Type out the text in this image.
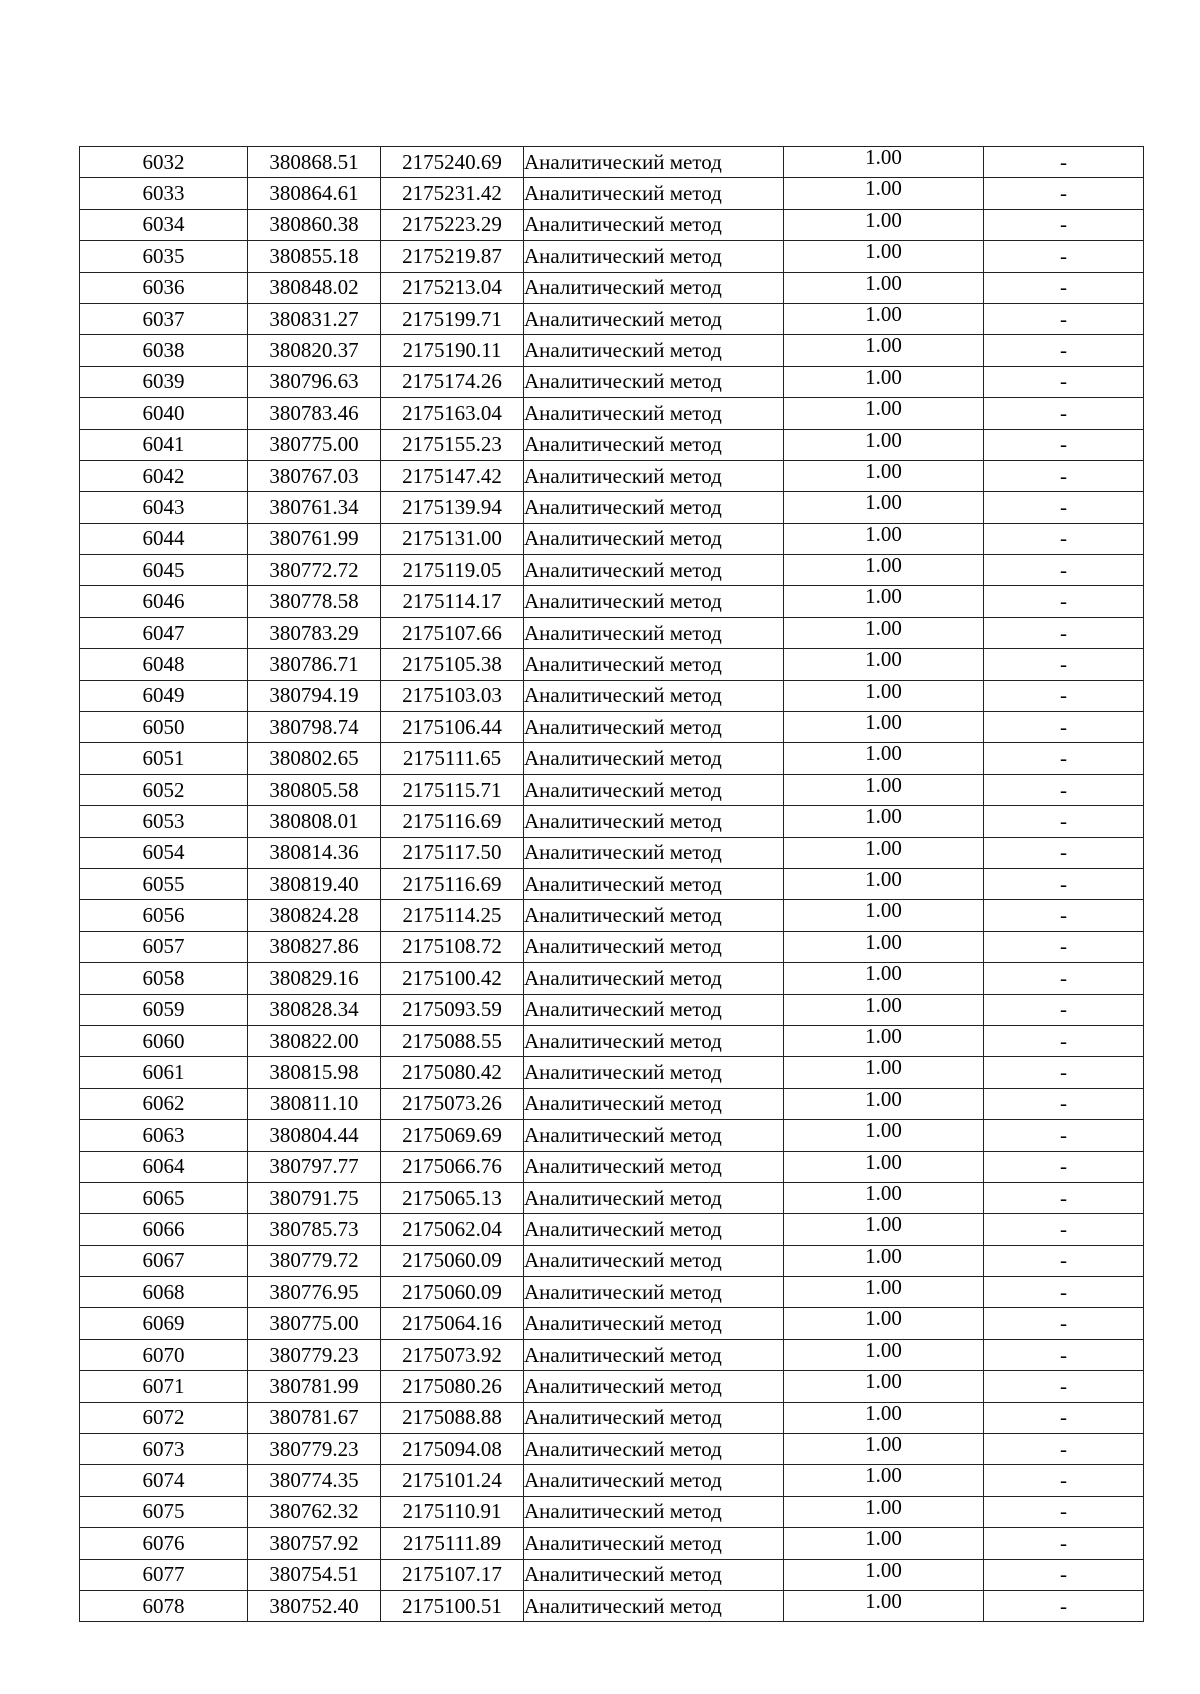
6032	380868.51	2175240.69	Аналитический метод	1.00	-
6033	380864.61	2175231.42	Аналитический метод	1.00	-
6034	380860.38	2175223.29	Аналитический метод	1.00	-
6035	380855.18	2175219.87	Аналитический метод	1.00	-
6036	380848.02	2175213.04	Аналитический метод	1.00	-
6037	380831.27	2175199.71	Аналитический метод	1.00	-
6038	380820.37	2175190.11	Аналитический метод	1.00	-
6039	380796.63	2175174.26	Аналитический метод	1.00	-
6040	380783.46	2175163.04	Аналитический метод	1.00	-
6041	380775.00	2175155.23	Аналитический метод	1.00	-
6042	380767.03	2175147.42	Аналитический метод	1.00	-
6043	380761.34	2175139.94	Аналитический метод	1.00	-
6044	380761.99	2175131.00	Аналитический метод	1.00	-
6045	380772.72	2175119.05	Аналитический метод	1.00	-
6046	380778.58	2175114.17	Аналитический метод	1.00	-
6047	380783.29	2175107.66	Аналитический метод	1.00	-
6048	380786.71	2175105.38	Аналитический метод	1.00	-
6049	380794.19	2175103.03	Аналитический метод	1.00	-
6050	380798.74	2175106.44	Аналитический метод	1.00	-
6051	380802.65	2175111.65	Аналитический метод	1.00	-
6052	380805.58	2175115.71	Аналитический метод	1.00	-
6053	380808.01	2175116.69	Аналитический метод	1.00	-
6054	380814.36	2175117.50	Аналитический метод	1.00	-
6055	380819.40	2175116.69	Аналитический метод	1.00	-
6056	380824.28	2175114.25	Аналитический метод	1.00	-
6057	380827.86	2175108.72	Аналитический метод	1.00	-
6058	380829.16	2175100.42	Аналитический метод	1.00	-
6059	380828.34	2175093.59	Аналитический метод	1.00	-
6060	380822.00	2175088.55	Аналитический метод	1.00	-
6061	380815.98	2175080.42	Аналитический метод	1.00	-
6062	380811.10	2175073.26	Аналитический метод	1.00	-
6063	380804.44	2175069.69	Аналитический метод	1.00	-
6064	380797.77	2175066.76	Аналитический метод	1.00	-
6065	380791.75	2175065.13	Аналитический метод	1.00	-
6066	380785.73	2175062.04	Аналитический метод	1.00	-
6067	380779.72	2175060.09	Аналитический метод	1.00	-
6068	380776.95	2175060.09	Аналитический метод	1.00	-
6069	380775.00	2175064.16	Аналитический метод	1.00	-
6070	380779.23	2175073.92	Аналитический метод	1.00	-
6071	380781.99	2175080.26	Аналитический метод	1.00	-
6072	380781.67	2175088.88	Аналитический метод	1.00	-
6073	380779.23	2175094.08	Аналитический метод	1.00	-
6074	380774.35	2175101.24	Аналитический метод	1.00	-
6075	380762.32	2175110.91	Аналитический метод	1.00	-
6076	380757.92	2175111.89	Аналитический метод	1.00	-
6077	380754.51	2175107.17	Аналитический метод	1.00	-
6078	380752.40	2175100.51	Аналитический метод	1.00	-
